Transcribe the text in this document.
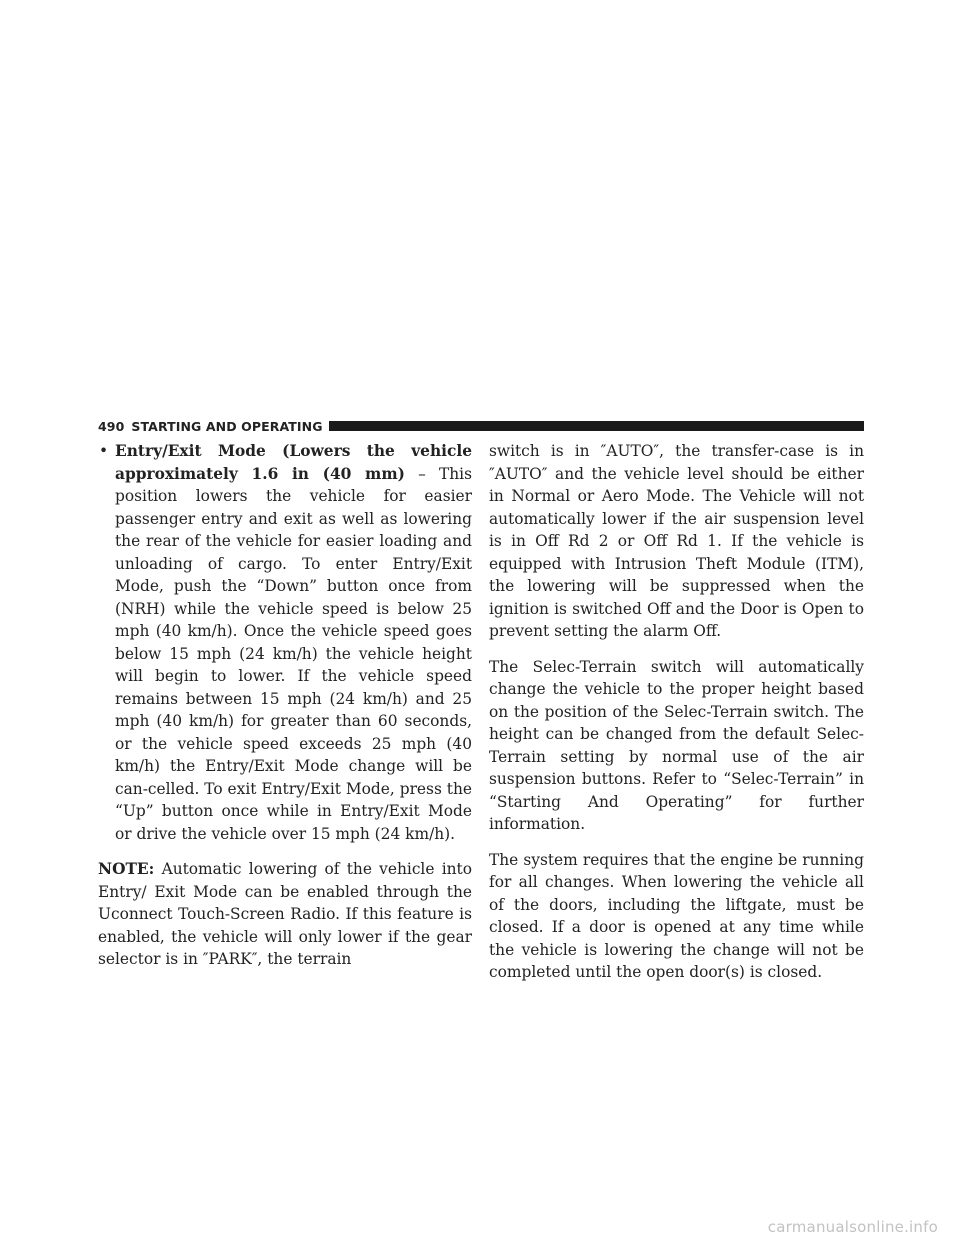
490 STARTING AND OPERATING
• Entry/Exit Mode (Lowers the vehicle approximately 1.6 in (40 mm) – This position lowers the vehicle for easier passenger entry and exit as well as lowering the rear of the vehicle for easier loading and unloading of cargo. To enter Entry/Exit Mode, push the “Down” button once from (NRH) while the vehicle speed is below 25 mph (40 km/h). Once the vehicle speed goes below 15 mph (24 km/h) the vehicle height will begin to lower. If the vehicle speed remains between 15 mph (24 km/h) and 25 mph (40 km/h) for greater than 60 seconds, or the vehicle speed exceeds 25 mph (40 km/h) the Entry/Exit Mode change will be can-celled. To exit Entry/Exit Mode, press the “Up” button once while in Entry/Exit Mode or drive the vehicle over 15 mph (24 km/h).

NOTE: Automatic lowering of the vehicle into Entry/ Exit Mode can be enabled through the Uconnect Touch-Screen Radio. If this feature is enabled, the vehicle will only lower if the gear selector is in ″PARK″, the terrain

switch is in ″AUTO″, the transfer-case is in ″AUTO″ and the vehicle level should be either in Normal or Aero Mode. The Vehicle will not automatically lower if the air suspension level is in Off Rd 2 or Off Rd 1. If the vehicle is equipped with Intrusion Theft Module (ITM), the lowering will be suppressed when the ignition is switched Off and the Door is Open to prevent setting the alarm Off.

The Selec-Terrain switch will automatically change the vehicle to the proper height based on the position of the Selec-Terrain switch. The height can be changed from the default Selec-Terrain setting by normal use of the air suspension buttons. Refer to “Selec-Terrain” in “Starting And Operating” for further information.

The system requires that the engine be running for all changes. When lowering the vehicle all of the doors, including the liftgate, must be closed. If a door is opened at any time while the vehicle is lowering the change will not be completed until the open door(s) is closed.

carmanualsonline.info
